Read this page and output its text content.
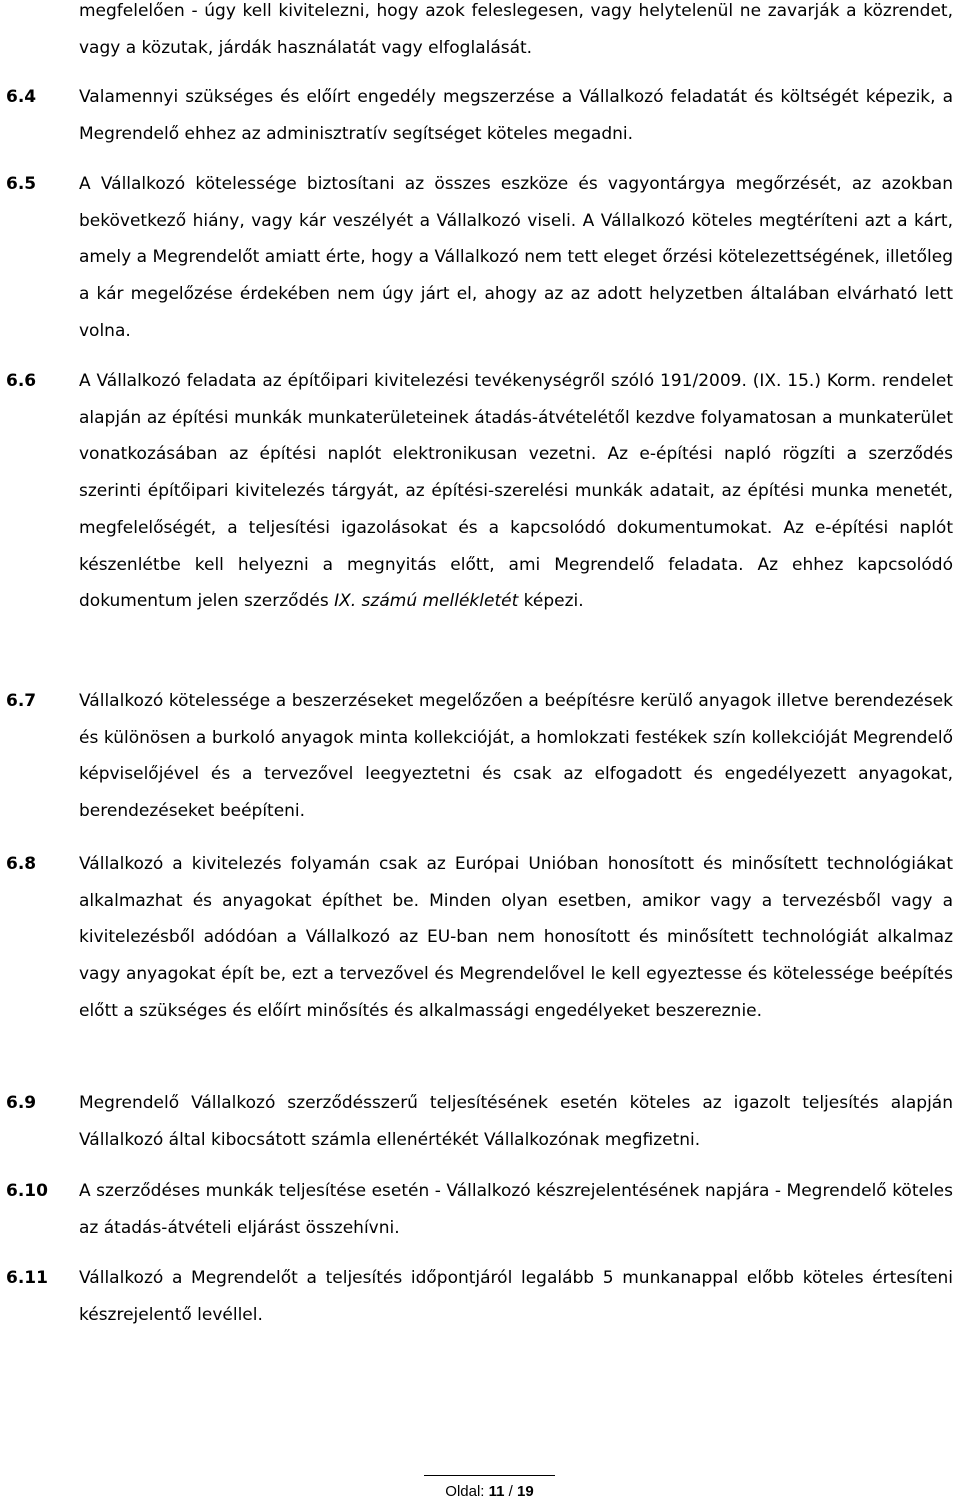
megfelelően - úgy kell kivitelezni, hogy azok feleslegesen, vagy helytelenül ne zavarják a közrendet, vagy a közutak, járdák használatát vagy elfoglalását.

6.4	Valamennyi szükséges és előírt engedély megszerzése a Vállalkozó feladatát és költségét képezik, a Megrendelő ehhez az adminisztratív segítséget köteles megadni.

6.5	A Vállalkozó kötelessége biztosítani az összes eszköze és vagyontárgya megőrzését, az azokban bekövetkező hiány, vagy kár veszélyét a Vállalkozó viseli. A Vállalkozó köteles megtéríteni azt a kárt, amely a Megrendelőt amiatt érte, hogy a Vállalkozó nem tett eleget őrzési kötelezettségének, illetőleg a kár megelőzése érdekében nem úgy járt el, ahogy az az adott helyzetben általában elvárható lett volna.

6.6	A Vállalkozó feladata az építőipari kivitelezési tevékenységről szóló 191/2009. (IX. 15.) Korm. rendelet alapján az építési munkák munkaterületeinek átadás-átvételétől kezdve folyamatosan a munkaterület vonatkozásában az építési naplót elektronikusan vezetni. Az e-építési napló rögzíti a szerződés szerinti építőipari kivitelezés tárgyát, az építési-szerelési munkák adatait, az építési munka menetét, megfelelőségét, a teljesítési igazolásokat és a kapcsolódó dokumentumokat. Az e-építési naplót készenlétbe kell helyezni a megnyitás előtt, ami Megrendelő feladata. Az ehhez kapcsolódó dokumentum jelen szerződés IX. számú mellékletét képezi.

6.7	Vállalkozó kötelessége a beszerzéseket megelőzően a beépítésre kerülő anyagok illetve berendezések és különösen a burkoló anyagok minta kollekcióját, a homlokzati festékek szín kollekcióját Megrendelő képviselőjével és a tervezővel leegyeztetni és csak az elfogadott és engedélyezett anyagokat, berendezéseket beépíteni.

6.8	Vállalkozó a kivitelezés folyamán csak az Európai Unióban honosított és minősített technológiákat alkalmazhat és anyagokat építhet be. Minden olyan esetben, amikor vagy a tervezésből vagy a kivitelezésből adódóan a Vállalkozó az EU-ban nem honosított és minősített technológiát alkalmaz vagy anyagokat épít be, ezt a tervezővel és Megrendelővel le kell egyeztesse és kötelessége beépítés előtt a szükséges és előírt minősítés és alkalmassági engedélyeket beszereznie.

6.9	Megrendelő Vállalkozó szerződésszerű teljesítésének esetén köteles az igazolt teljesítés alapján Vállalkozó által kibocsátott számla ellenértékét Vállalkozónak megfizetni.

6.10 A szerződéses munkák teljesítése esetén - Vállalkozó készrejelentésének napjára - Megrendelő köteles az átadás-átvételi eljárást összehívni.

6.11 Vállalkozó a Megrendelőt a teljesítés időpontjáról legalább 5 munkanappal előbb köteles értesíteni készrejelentő levéllel.

Oldal: 11 / 19
